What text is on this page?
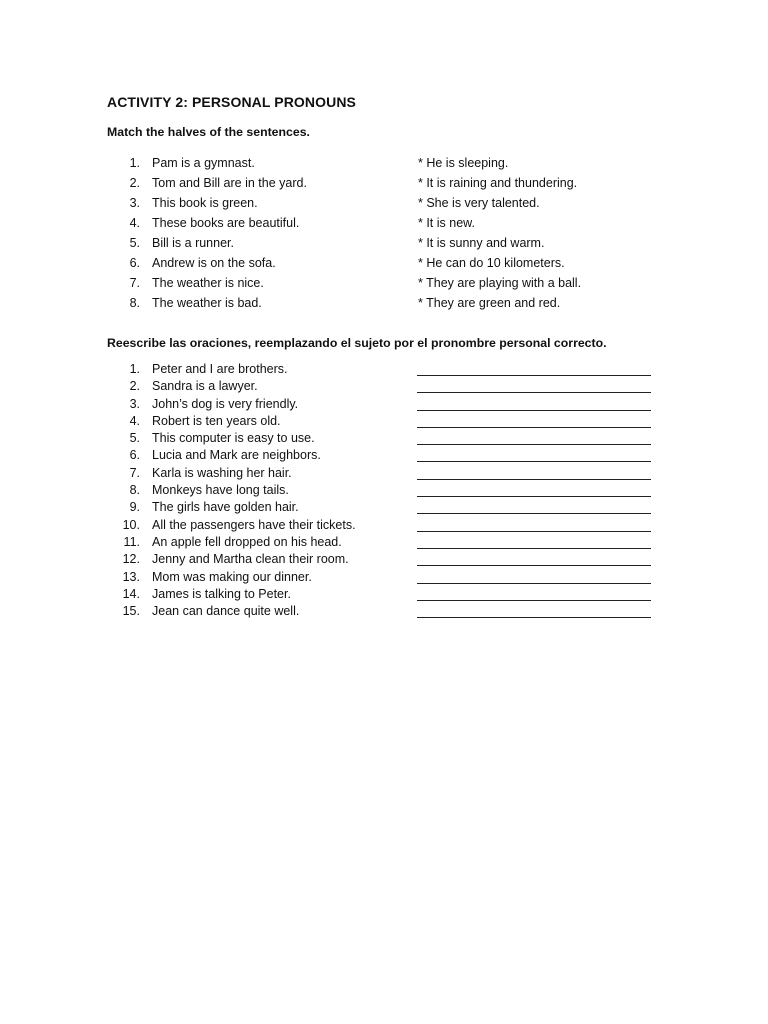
ACTIVITY 2: PERSONAL PRONOUNS
Match the halves of the sentences.
1. Pam is a gymnast.	* He is sleeping.
2. Tom and Bill are in the yard.	* It is raining and thundering.
3. This book is green.	* She is very talented.
4. These books are beautiful.	* It is new.
5. Bill is a runner.	* It is sunny and warm.
6. Andrew is on the sofa.	* He can do 10 kilometers.
7. The weather is nice.	* They are playing with a ball.
8. The weather is bad.	* They are green and red.
Reescribe las oraciones, reemplazando el sujeto por el pronombre personal correcto.
1. Peter and I are brothers.
2. Sandra is a lawyer.
3. John’s dog is very friendly.
4. Robert is ten years old.
5. This computer is easy to use.
6. Lucia and Mark are neighbors.
7. Karla is washing her hair.
8. Monkeys have long tails.
9. The girls have golden hair.
10. All the passengers have their tickets.
11. An apple fell dropped on his head.
12. Jenny and Martha clean their room.
13. Mom was making our dinner.
14. James is talking to Peter.
15. Jean can dance quite well.
